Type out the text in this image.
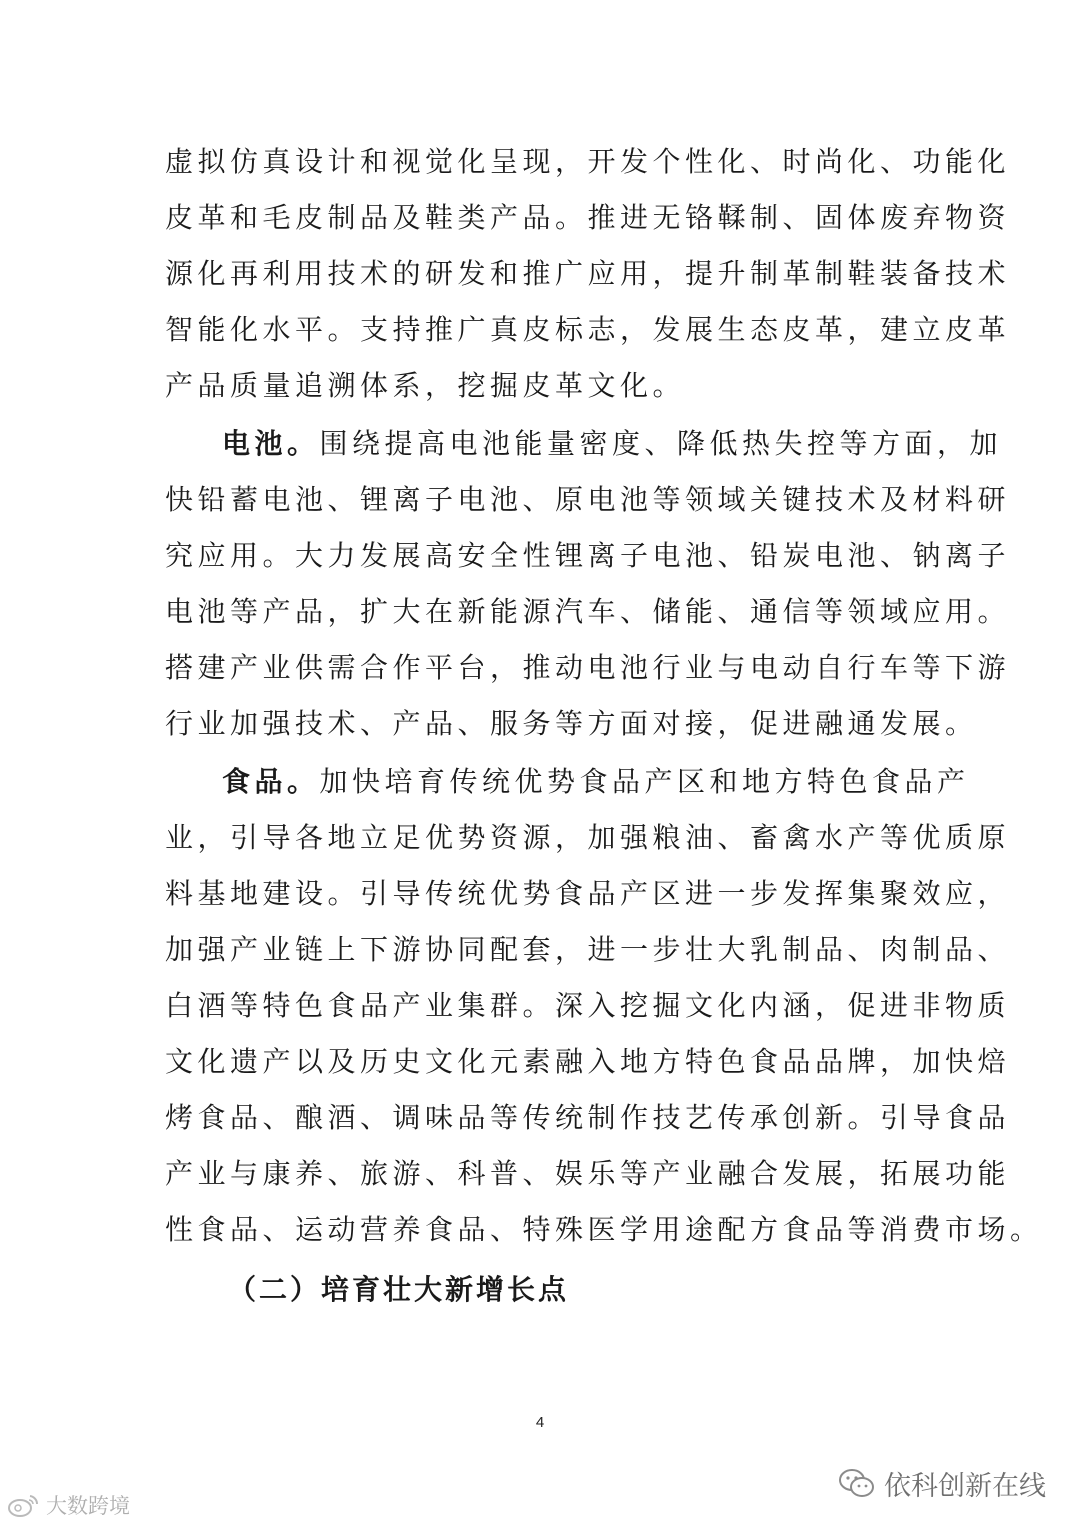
虚拟仿真设计和视觉化呈现，开发个性化、时尚化、功能化
皮革和毛皮制品及鞋类产品。推进无铬鞣制、固体废弃物资
源化再利用技术的研发和推广应用，提升制革制鞋装备技术
智能化水平。支持推广真皮标志，发展生态皮革，建立皮革
产品质量追溯体系，挖掘皮革文化。
电池。围绕提高电池能量密度、降低热失控等方面，加
快铅蓄电池、锂离子电池、原电池等领域关键技术及材料研
究应用。大力发展高安全性锂离子电池、铅炭电池、钠离子
电池等产品，扩大在新能源汽车、储能、通信等领域应用。
搭建产业供需合作平台，推动电池行业与电动自行车等下游
行业加强技术、产品、服务等方面对接，促进融通发展。
食品。加快培育传统优势食品产区和地方特色食品产
业，引导各地立足优势资源，加强粮油、畜禽水产等优质原
料基地建设。引导传统优势食品产区进一步发挥集聚效应，
加强产业链上下游协同配套，进一步壮大乳制品、肉制品、
白酒等特色食品产业集群。深入挖掘文化内涵，促进非物质
文化遗产以及历史文化元素融入地方特色食品品牌，加快焙
烤食品、酿酒、调味品等传统制作技艺传承创新。引导食品
产业与康养、旅游、科普、娱乐等产业融合发展，拓展功能
性食品、运动营养食品、特殊医学用途配方食品等消费市场。
（二）培育壮大新增长点
4
依科创新在线
大数跨境
